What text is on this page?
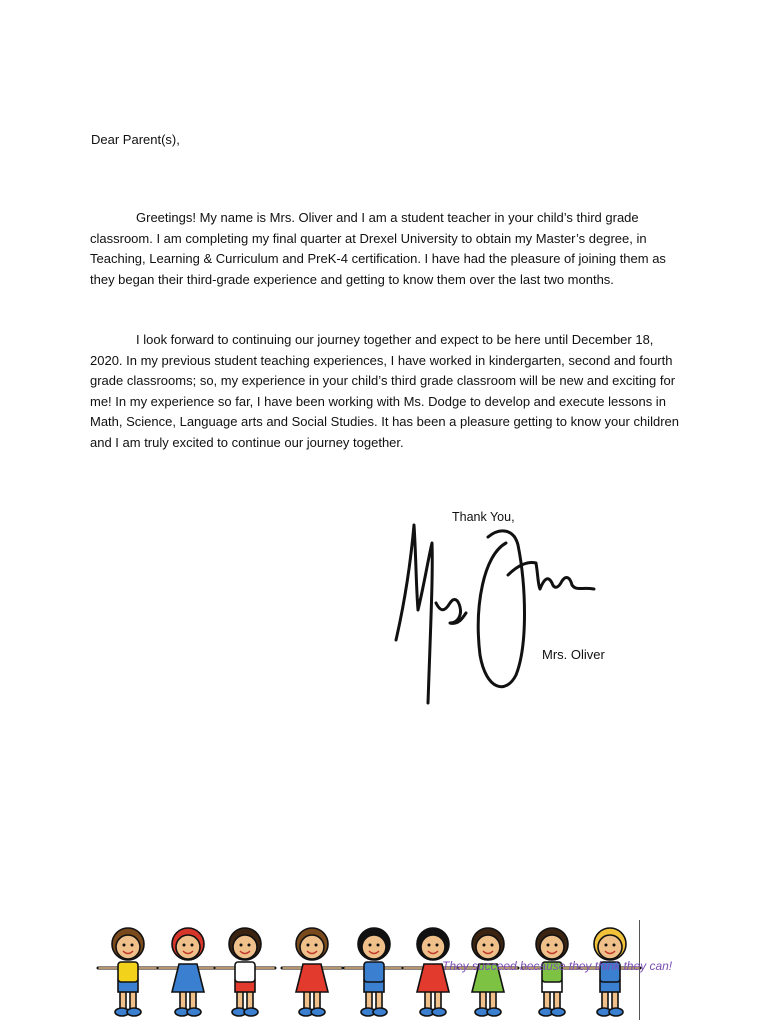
Dear Parent(s),

Greetings! My name is Mrs. Oliver and I am a student teacher in your child’s third grade classroom. I am completing my final quarter at Drexel University to obtain my Master’s degree, in Teaching, Learning & Curriculum and PreK-4 certification. I have had the pleasure of joining them as they began their third-grade experience and getting to know them over the last two months.

I look forward to continuing our journey together and expect to be here until December 18, 2020. In my previous student teaching experiences, I have worked in kindergarten, second and fourth grade classrooms; so, my experience in your child’s third grade classroom will be new and exciting for me! In my experience so far, I have been working with Ms. Dodge to develop and execute lessons in Math, Science, Language arts and Social Studies. It has been a pleasure getting to know your children and I am truly excited to continue our journey together.

Thank You,
Mrs. Oliver
They succeed because they think they can!
